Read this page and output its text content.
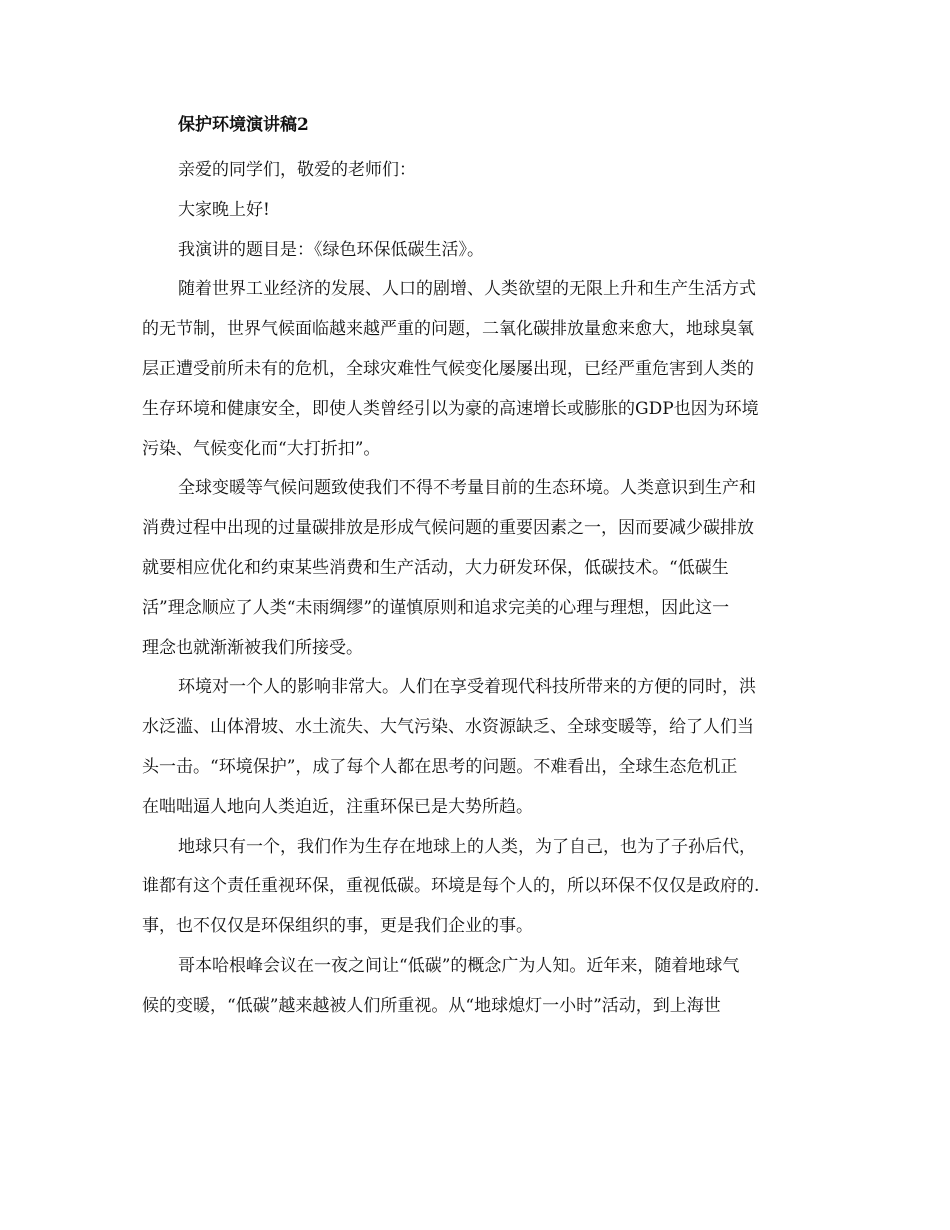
保护环境演讲稿2
亲爱的同学们，敬爱的老师们：
大家晚上好!
我演讲的题目是：《绿色环保低碳生活》。
随着世界工业经济的发展、人口的剧增、人类欲望的无限上升和生产生活方式
的无节制，世界气候面临越来越严重的问题，二氧化碳排放量愈来愈大，地球臭氧
层正遭受前所未有的危机，全球灾难性气候变化屡屡出现，已经严重危害到人类的
生存环境和健康安全，即使人类曾经引以为豪的高速增长或膨胀的GDP也因为环境
污染、气候变化而“大打折扣”。
全球变暖等气候问题致使我们不得不考量目前的生态环境。人类意识到生产和
消费过程中出现的过量碳排放是形成气候问题的重要因素之一，因而要减少碳排放
就要相应优化和约束某些消费和生产活动，大力研发环保，低碳技术。“低碳生
活”理念顺应了人类“未雨绸缪”的谨慎原则和追求完美的心理与理想，因此这一
理念也就渐渐被我们所接受。
环境对一个人的影响非常大。人们在享受着现代科技所带来的方便的同时，洪
水泛滥、山体滑坡、水土流失、大气污染、水资源缺乏、全球变暖等，给了人们当
头一击。“环境保护”，成了每个人都在思考的问题。不难看出，全球生态危机正
在咄咄逼人地向人类迫近，注重环保已是大势所趋。
地球只有一个，我们作为生存在地球上的人类，为了自己，也为了子孙后代，
谁都有这个责任重视环保，重视低碳。环境是每个人的，所以环保不仅仅是政府的.
事，也不仅仅是环保组织的事，更是我们企业的事。
哥本哈根峰会议在一夜之间让“低碳”的概念广为人知。近年来，随着地球气
候的变暖，“低碳”越来越被人们所重视。从“地球熄灯一小时”活动，到上海世
